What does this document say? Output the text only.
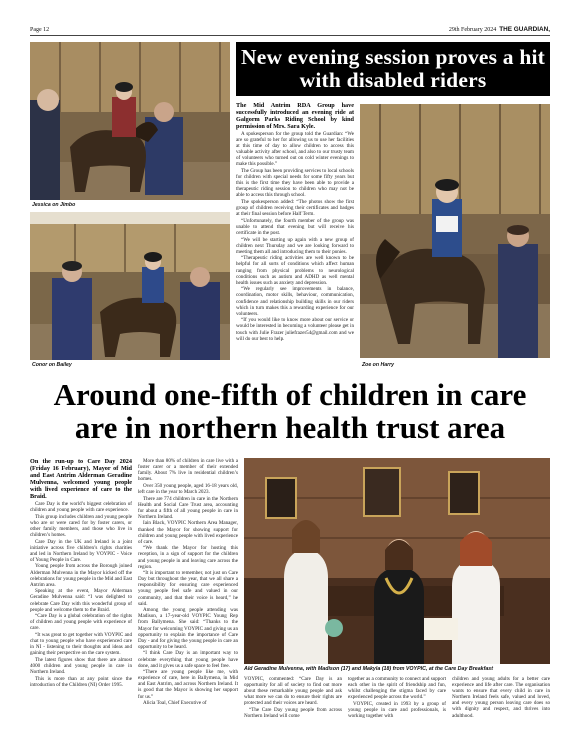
Page 12	29th February 2024 THE GUARDIAN,
Jessica on Jimbo
Conor on Bailey
New evening session proves a hit with disabled riders

The Mid Antrim RDA Group have successfully introduced an evening ride at Galgorm Parks Riding School by kind permission of Mrs. Sara Kyle.

A spokesperson for the group told the Guardian: “We are so grateful to her for allowing us to use her facilities at this time of day to allow children to access this valuable activity after school, and also to our trusty team of volunteers who turned out on cold winter evenings to make this possible.”

The Group has been providing services to local schools for children with special needs for some fifty years but this is the first time they have been able to provide a therapeutic riding session to children who may not be able to access this through school.

The spokesperson added: “The photos show the first group of children receiving their certificates and badges at their final session before Half Term.

“Unfortunately, the fourth member of the group was unable to attend that evening but will receive his certificate in the post.

“We will be starting up again with a new group of children next Thursday and we are looking forward to meeting them all and introducing them to their ponies.

“Therapeutic riding activities are well known to be helpful for all sorts of conditions which affect human ranging from physical problems to neurological conditions such as autism and ADHD as well mental health issues such as anxiety and depression.

“We regularly see improvements in balance, coordination, motor skills, behaviour, communication, confidence and relationship building skills in our riders which in turn makes this a rewarding experience for our volunteers.

“If you would like to know more about our service or would be interested in becoming a volunteer please get in touch with Julie Frazer juliefrazer54@gmail.com and we will do our best to help.

Zoe on Harry
Around one-fifth of children in care are in northern health trust area

On the run-up to Care Day 2024 (Friday 16 February), Mayor of Mid and East Antrim Alderman Geradine Mulvenna, welcomed young people with lived experience of care to the Braid.

Care Day is the world’s biggest celebration of children and young people with care experience.

This group includes children and young people who are or were cared for by foster carers, or other family members, and those who live in children’s homes.

Care Day in the UK and Ireland is a joint initiative across five children’s rights charities and led in Northern Ireland by VOYPIC - Voice of Young People in Care.

Young people from across the Borough joined Alderman Mulvenna in the Mayor kicked off the celebrations for young people in the Mid and East Antrim area.

Speaking at the event, Mayor Alderman Geradine Mulvenna said: “I was delighted to celebrate Care Day with this wonderful group of people and welcome them to the Braid.

“Care Day is a global celebration of the rights of children and young people with experience of care.

“It was great to get together with VOYPIC and chat to young people who have experienced care in NI - listening to their thoughts and ideas and gaining their perspective on the care system.

The latest figures show that there are almost 4000 children and young people in care in Northern Ireland.

This is more than at any point since the introduction of the Children (NI) Order 1995.

More than 80% of children in care live with a foster carer or a member of their extended family. About 7% live in residential children’s homes.

Over 350 young people, aged 16-18 years old, left care in the year to March 2023.

There are 774 children in care in the Northern Health and Social Care Trust area, accounting for about a fifth of all young people in care in Northern Ireland.

Iain Black, VOYPIC Northern Area Manager, thanked the Mayor for showing support for children and young people with lived experience of care.

“We thank the Mayor for hosting this reception, in a sign of support for the children and young people in and leaving care across the region.

“It is important to remember, not just on Care Day but throughout the year, that we all share a responsibility for ensuring care experienced young people feel safe and valued in our community, and that their voice is heard,” he said.

Among the young people attending was Madison, a 17-year-old VOYPIC Young Rep from Ballymena. She said: “Thanks to the Mayor for welcoming VOYPIC and giving us an opportunity to explain the importance of Care Day - and for giving the young people in care an opportunity to be heard.

“I think Care Day is an important way to celebrate everything that young people have done, and it gives us a safe space to feel free.

“There are young people like me, with experience of care, here in Ballymena, in Mid and East Antrim, and across Northern Ireland. It is good that the Mayor is showing her support for us.”

Alicia Toal, Chief Executive of

Ald Geradine Mulvenna, with Madison (17) and Makyla (18) from VOYPIC, at the Care Day Breakfast

VOYPIC, commented: “Care Day is an opportunity for all of society to find out more about these remarkable young people and ask what more we can do to ensure their rights are protected and their voices are heard.

“The Care Day young people from across Northern Ireland will come

together as a community to connect and support each other in the spirit of friendship and fun, whilst challenging the stigma faced by care experienced people across the world.”

VOYPIC, created in 1993 by a group of young people in care and professionals, is working together with

children and young adults for a better care experience and life after care. The organisation wants to ensure that every child in care in Northern Ireland feels safe, valued and loved, and every young person leaving care does so with dignity and respect, and thrives into adulthood.
